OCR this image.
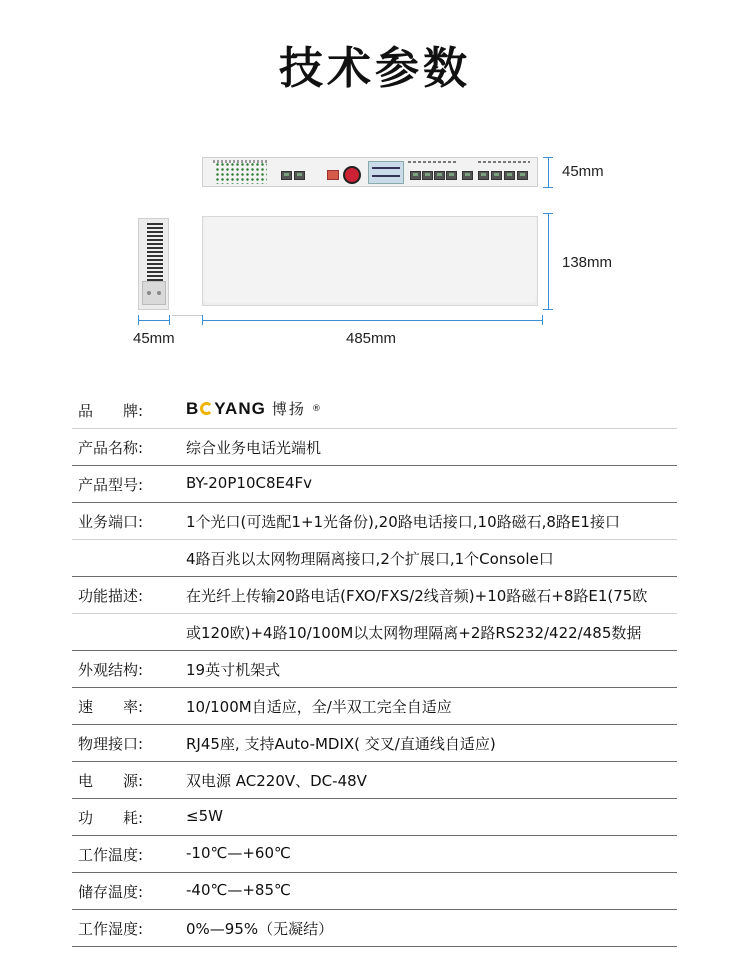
技术参数
45mm
138mm
45mm	485mm
品　　牌:	B YANG 博扬 ®
产品名称:	综合业务电话光端机
产品型号:	BY-20P10C8E4Fv
业务端口:	1个光口(可选配1+1光备份),20路电话接口,10路磁石,8路E1接口
4路百兆以太网物理隔离接口,2个扩展口,1个Console口
功能描述:	在光纤上传输20路电话(FXO/FXS/2线音频)+10路磁石+8路E1(75欧
或120欧)+4路10/100M以太网物理隔离+2路RS232/422/485数据
外观结构:	19英寸机架式
速　　率:	10/100M自适应，全/半双工完全自适应
物理接口:	RJ45座, 支持Auto-MDIX( 交叉/直通线自适应)
电　　源:	双电源 AC220V、DC-48V
功　　耗:	≤5W
工作温度:	-10℃—+60℃
储存温度:	-40℃—+85℃
工作湿度:	0%—95%（无凝结）
